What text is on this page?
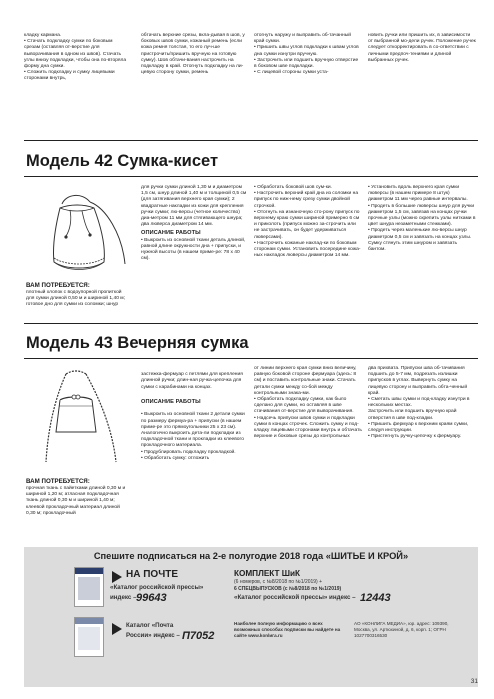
кладку кармана.
• Стачать подкладку сумки по боковым срезам (оставляя от-верстие для выворачивания в одном из швов). Стачать углы внизу подкладки, чтобы она по-вторяла форму дна сумки.
• Сложить подкладку и сумку лицевыми сторонами внутрь,
обтачать верхние срезы, вкла-дывая в шов, у боковых швов сумки, кожаный ремень (если кожа ремня толстая, то его луч-ше пристрочить/пришить вручную на готовую сумку). Шов обтачи-вания настрочить на подкладку в край. Отогнуть подкладку на ли-цевую сторону сумки, ремень
отогнуть наружу и выправить об-тачанный край сумки.
• Пришить швы углов подкладки к швам углов дна сумки изнутри вручную.
• Застрочить или подшить вручную отверстие в боковом шве подкладки.
• С лицевой стороны сумки уста-
новить ручки или пришить их, в зависимости от выбранной мо-дели ручек. Положение ручек следует откорректировать в со-ответствии с личными предпоч-тениями и длиной выбранных ручек.
Модель 42 Сумка-кисет
ВАМ ПОТРЕБУЕТСЯ:
плотный хлопок с водоупорной пропиткой для сумки длиной 0,50 м и шириной 1,40 м; готовое дно для сумки из соломки; шнур

для ручки сумки длиной 1,30 м и диаметром 1,5 см, шнур длиной 1,40 м и толщиной 0,5 см (для затягивания верхнего края сумки); 2 квадратные накладки из кожи для крепления ручки сумки; лю-версы (четное количество) диа-метром 11 мм для стягивающего шнура; два люверса диаметром 14 мм.

ОПИСАНИЕ РАБОТЫ

• Выкроить из основной ткани деталь длиной, равной длине окружности дна + припуски, и нужной высоты (в нашем приме-ре: 78 x 40 см).

• Обработать боковой шов сум-ки.
• Настрочить верхний край дна из соломки на припуск по ниж-нему срезу сумки двойной строчкой.
• Отогнуть на изнаночную сто-рону припуск по верхнему краю сумки шириной примерно 6 см и приколоть (припуск можно за-строчить или не застрачивать, он будет удерживаться люверсами).
• Настрочить кожаные наклад-ки по боковым сторонам сумки. Установить посередине кожа-ных накладок люверсы диаметром 14 мм.
• Установить вдоль верхнего края сумки люверсы (в нашем примере 8 штук) диаметром 11 мм через равные интервалы.
• Продеть в большие люверсы шнур для ручки диаметром 1,5 см, завязав на концах ручки прочные узлы (можно скрепить узлы нитками в цвет шнура незаметными стежками).
• Продеть через маленькие лю-версы шнур диаметром 0,5 см и завязать на концах узлы. Сумку стянуть этим шнуром и завязать бантом.
Модель 43 Вечерняя сумка
ВАМ ПОТРЕБУЕТСЯ:
прочная ткань с пайетками длиной 0,30 м и шириной 1,20 м; атласная подкладочная ткань длиной 0,30 м и шириной 1,40 м; клеевой прокладочный материал длиной 0,30 м; прокладочный

застежка-фермуар с петлями для крепления длинной ручки; длин-ная ручка-цепочка для сумки с карабинами на концах.

ОПИСАНИЕ РАБОТЫ

• Выкроить из основной ткани 2 детали сумки по размеру фермуа-ра + припуски (в нашем приме-ре это прямоугольники 25 x 23 см). Аналогично выкроить дета-ли подкладки из подкладочной ткани и прокладки из клеевого прокладочного материала.
• Продублировать подкладку прокладкой.
• Обработать сумку: отложить

от линии верхнего края сумки вниз величину, равную боковой стороне фермуара (здесь: 8 см) и поставить контрольные знаки. Стачать детали сумки между со-бой между контрольными знака-ми.
• Обработать подкладку сумки, как было сделано для сумки, но оставляя в шве стачивания от-верстие для выворачивания.
• Надсечь припуски швов сумки и подкладки сумки в концах строчек. Сложить сумку и под-кладку лицевыми сторонами внутрь и обтачать верхние и боковые срезы до контрольных
два прихвата. Припуски шва об-тачивания подшить до 5-7 мм, подрезать излишки припусков в углах. Вывернуть сумку на лицевую сторону и выправить обта-ченный край.
• Сметать швы сумки и под-кладку изнутри в нескольких местах.
Застрочить или подшить вручную край отверстия в шве под-кладки.
• Пришить фермуар к верхним краям сумки, следуя инструкции.
• Пристегнуть ручку-цепочку к фермуару.
Спешите подписаться на 2-е полугодие 2018 года «ШИТЬЕ И КРОЙ»
НА ПОЧТЕ
«Каталог российской прессы»
индекс – 99643
Каталог «Почта
России» индекс – П7052
КОМПЛЕКТ ШиК
(6 номеров, с №8/2018 по №1/2019) +
6 СПЕЦВЫПУСКОВ (с №8/2018 по №1/2019)
«Каталог российской прессы» индекс – 12443
Наиболее полную информацию о всех возможных способах подписки вы найдете на сайте www.konlига.ru
АО «КОНЛИГА МЕДИА», юр. адрес: 109390, Москва, ул. Артюхиной, д. 6, корп. 1; ОГРН 1027700316530
31
